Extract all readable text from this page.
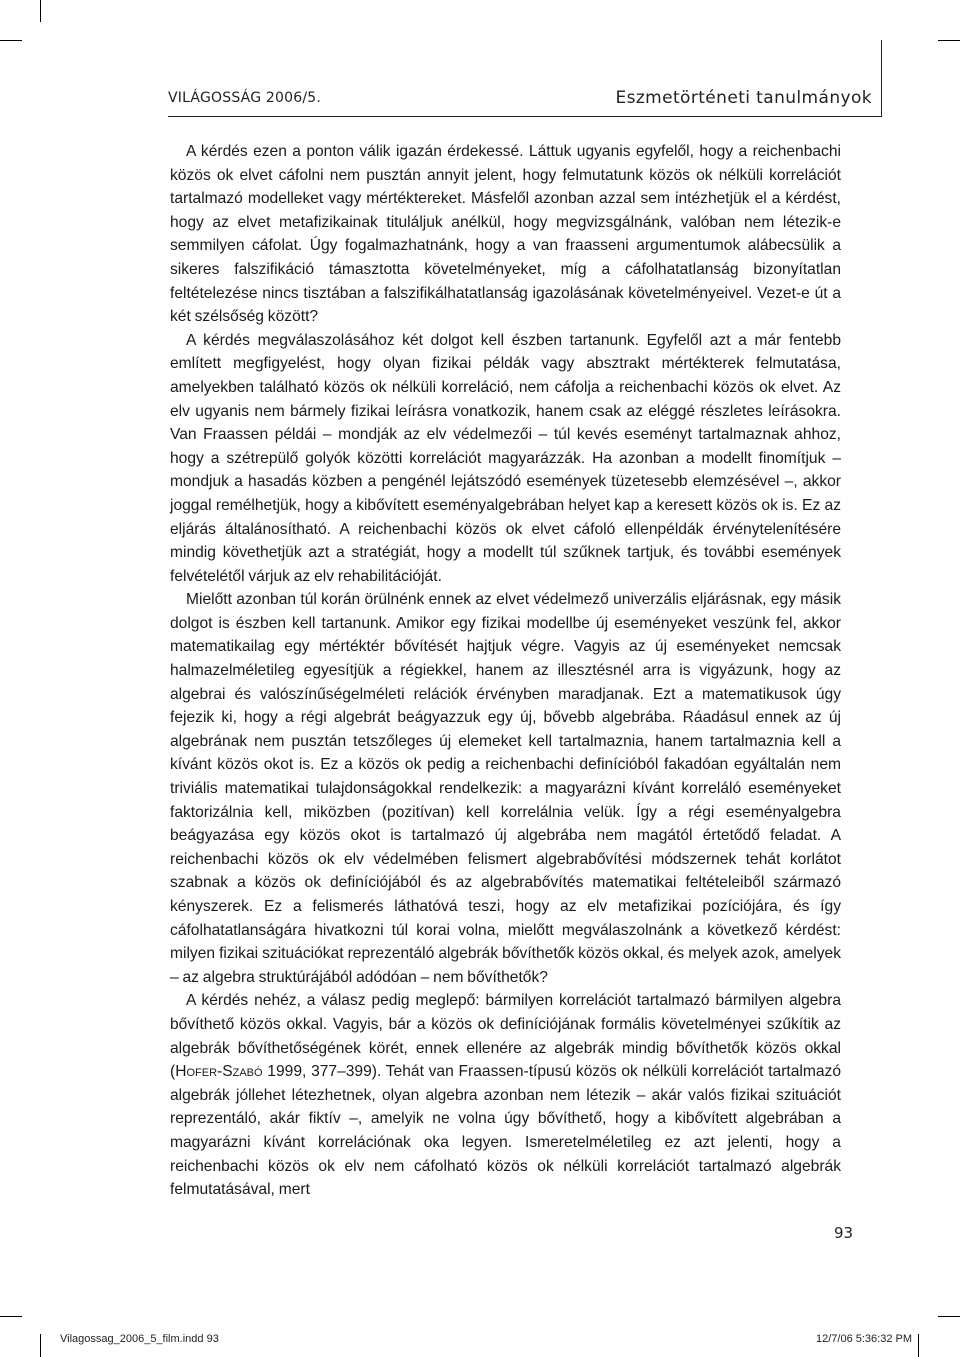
VILÁGOSSÁG 2006/5.	Eszmetörténeti tanulmányok

A kérdés ezen a ponton válik igazán érdekessé. Láttuk ugyanis egyfelől, hogy a reichenbachi közös ok elvet cáfolni nem pusztán annyit jelent, hogy felmutatunk közös ok nélküli korrelációt tartalmazó modelleket vagy mértéktereket. Másfelől azonban azzal sem intézhetjük el a kérdést, hogy az elvet metafizikainak tituláljuk anélkül, hogy megvizsgálnánk, valóban nem létezik-e semmilyen cáfolat. Úgy fogalmazhatnánk, hogy a van fraasseni argumentumok alábecsülik a sikeres falszifikáció támasztotta követelményeket, míg a cáfolhatatlanság bizonyítatlan feltételezése nincs tisztában a falszifikálhatatlanság igazolásának követelményeivel. Vezet-e út a két szélsőség között?

A kérdés megválaszolásához két dolgot kell észben tartanunk. Egyfelől azt a már fentebb említett megfigyelést, hogy olyan fizikai példák vagy absztrakt mértékterek felmutatása, amelyekben található közös ok nélküli korreláció, nem cáfolja a reichenbachi közös ok elvet. Az elv ugyanis nem bármely fizikai leírásra vonatkozik, hanem csak az eléggé részletes leírásokra. Van Fraassen példái – mondják az elv védelmezői – túl kevés eseményt tartalmaznak ahhoz, hogy a szétrepülő golyók közötti korrelációt magyarázzák. Ha azonban a modellt finomítjuk – mondjuk a hasadás közben a pengénél lejátszódó események tüzetesebb elemzésével –, akkor joggal remélhetjük, hogy a kibővített eseményalgebrában helyet kap a keresett közös ok is. Ez az eljárás általánosítható. A reichenbachi közös ok elvet cáfoló ellenpéldák érvénytelenítésére mindig követhetjük azt a stratégiát, hogy a modellt túl szűknek tartjuk, és további események felvételétől várjuk az elv rehabilitációját.

Mielőtt azonban túl korán örülnénk ennek az elvet védelmező univerzális eljárásnak, egy másik dolgot is észben kell tartanunk. Amikor egy fizikai modellbe új eseményeket veszünk fel, akkor matematikailag egy mértéktér bővítését hajtjuk végre. Vagyis az új eseményeket nemcsak halmazelméletileg egyesítjük a régiekkel, hanem az illesztésnél arra is vigyázunk, hogy az algebrai és valószínűségelméleti relációk érvényben maradjanak. Ezt a matematikusok úgy fejezik ki, hogy a régi algebrát beágyazzuk egy új, bővebb algebrába. Ráadásul ennek az új algebrának nem pusztán tetszőleges új elemeket kell tartalmaznia, hanem tartalmaznia kell a kívánt közös okot is. Ez a közös ok pedig a reichenbachi definícióból fakadóan egyáltalán nem triviális matematikai tulajdonságokkal rendelkezik: a magyarázni kívánt korreláló eseményeket faktorizálnia kell, miközben (pozitívan) kell korrelálnia velük. Így a régi eseményalgebra beágyazása egy közös okot is tartalmazó új algebrába nem magától értetődő feladat. A reichenbachi közös ok elv védelmében felismert algebrabővítési módszernek tehát korlátot szabnak a közös ok definíciójából és az algebrabővítés matematikai feltételeiből származó kényszerek. Ez a felismerés láthatóvá teszi, hogy az elv metafizikai pozíciójára, és így cáfolhatatlanságára hivatkozni túl korai volna, mielőtt megválaszolnánk a következő kérdést: milyen fizikai szituációkat reprezentáló algebrák bővíthetők közös okkal, és melyek azok, amelyek – az algebra struktúrájából adódóan – nem bővíthetők?

A kérdés nehéz, a válasz pedig meglepő: bármilyen korrelációt tartalmazó bármilyen algebra bővíthető közös okkal. Vagyis, bár a közös ok definíciójának formális követelményei szűkítik az algebrák bővíthetőségének körét, ennek ellenére az algebrák mindig bővíthetők közös okkal (Hofer-Szabó 1999, 377–399). Tehát van Fraassen-típusú közös ok nélküli korrelációt tartalmazó algebrák jóllehet létezhetnek, olyan algebra azonban nem létezik – akár valós fizikai szituációt reprezentáló, akár fiktív –, amelyik ne volna úgy bővíthető, hogy a kibővített algebrában a magyarázni kívánt korrelációnak oka legyen. Ismeretelméletileg ez azt jelenti, hogy a reichenbachi közös ok elv nem cáfolható közös ok nélküli korrelációt tartalmazó algebrák felmutatásával, mert

93
Vilagossag_2006_5_film.indd 93	12/7/06 5:36:32 PM
